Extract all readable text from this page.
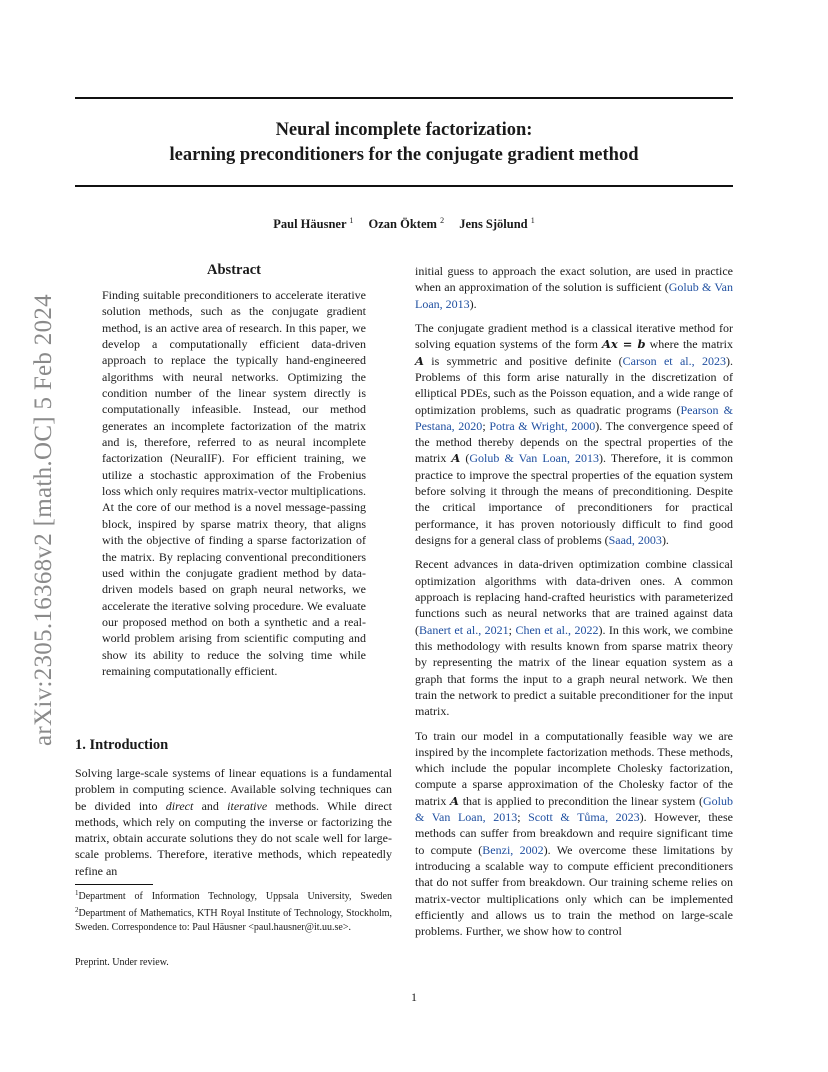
arXiv:2305.16368v2 [math.OC] 5 Feb 2024
Neural incomplete factorization:
learning preconditioners for the conjugate gradient method
Paul Häusner $^1$ Ozan Öktem $^2$ Jens Sjölund $^1$
Abstract
Finding suitable preconditioners to accelerate iterative solution methods, such as the conjugate gradient method, is an active area of research. In this paper, we develop a computationally efficient data-driven approach to replace the typically hand-engineered algorithms with neural networks. Optimizing the condition number of the linear system directly is computationally infeasible. Instead, our method generates an incomplete factorization of the matrix and is, therefore, referred to as neural incomplete factorization (NeuralIF). For efficient training, we utilize a stochastic approximation of the Frobenius loss which only requires matrix-vector multiplications. At the core of our method is a novel message-passing block, inspired by sparse matrix theory, that aligns with the objective of finding a sparse factorization of the matrix. By replacing conventional preconditioners used within the conjugate gradient method by data-driven models based on graph neural networks, we accelerate the iterative solving procedure. We evaluate our proposed method on both a synthetic and a real-world problem arising from scientific computing and show its ability to reduce the solving time while remaining computationally efficient.
1. Introduction
Solving large-scale systems of linear equations is a fundamental problem in computing science. Available solving techniques can be divided into direct and iterative methods. While direct methods, which rely on computing the inverse or factorizing the matrix, obtain accurate solutions they do not scale well for large-scale problems. Therefore, iterative methods, which repeatedly refine an
$^1$Department of Information Technology, Uppsala University, Sweden $^2$Department of Mathematics, KTH Royal Institute of Technology, Stockholm, Sweden. Correspondence to: Paul Häusner <paul.hausner@it.uu.se>.
Preprint. Under review.

initial guess to approach the exact solution, are used in practice when an approximation of the solution is sufficient (Golub & Van Loan, 2013).

The conjugate gradient method is a classical iterative method for solving equation systems of the form Ax = b where the matrix A is symmetric and positive definite (Carson et al., 2023). Problems of this form arise naturally in the discretization of elliptical PDEs, such as the Poisson equation, and a wide range of optimization problems, such as quadratic programs (Pearson & Pestana, 2020; Potra & Wright, 2000). The convergence speed of the method thereby depends on the spectral properties of the matrix A (Golub & Van Loan, 2013). Therefore, it is common practice to improve the spectral properties of the equation system before solving it through the means of preconditioning. Despite the critical importance of preconditioners for practical performance, it has proven notoriously difficult to find good designs for a general class of problems (Saad, 2003).

Recent advances in data-driven optimization combine classical optimization algorithms with data-driven ones. A common approach is replacing hand-crafted heuristics with parameterized functions such as neural networks that are trained against data (Banert et al., 2021; Chen et al., 2022). In this work, we combine this methodology with results known from sparse matrix theory by representing the matrix of the linear equation system as a graph that forms the input to a graph neural network. We then train the network to predict a suitable preconditioner for the input matrix.

To train our model in a computationally feasible way we are inspired by the incomplete factorization methods. These methods, which include the popular incomplete Cholesky factorization, compute a sparse approximation of the Cholesky factor of the matrix A that is applied to precondition the linear system (Golub & Van Loan, 2013; Scott & Tůma, 2023). However, these methods can suffer from breakdown and require significant time to compute (Benzi, 2002). We overcome these limitations by introducing a scalable way to compute efficient preconditioners that do not suffer from breakdown. Our training scheme relies on matrix-vector multiplications only which can be implemented efficiently and allows us to train the method on large-scale problems. Further, we show how to control

1
